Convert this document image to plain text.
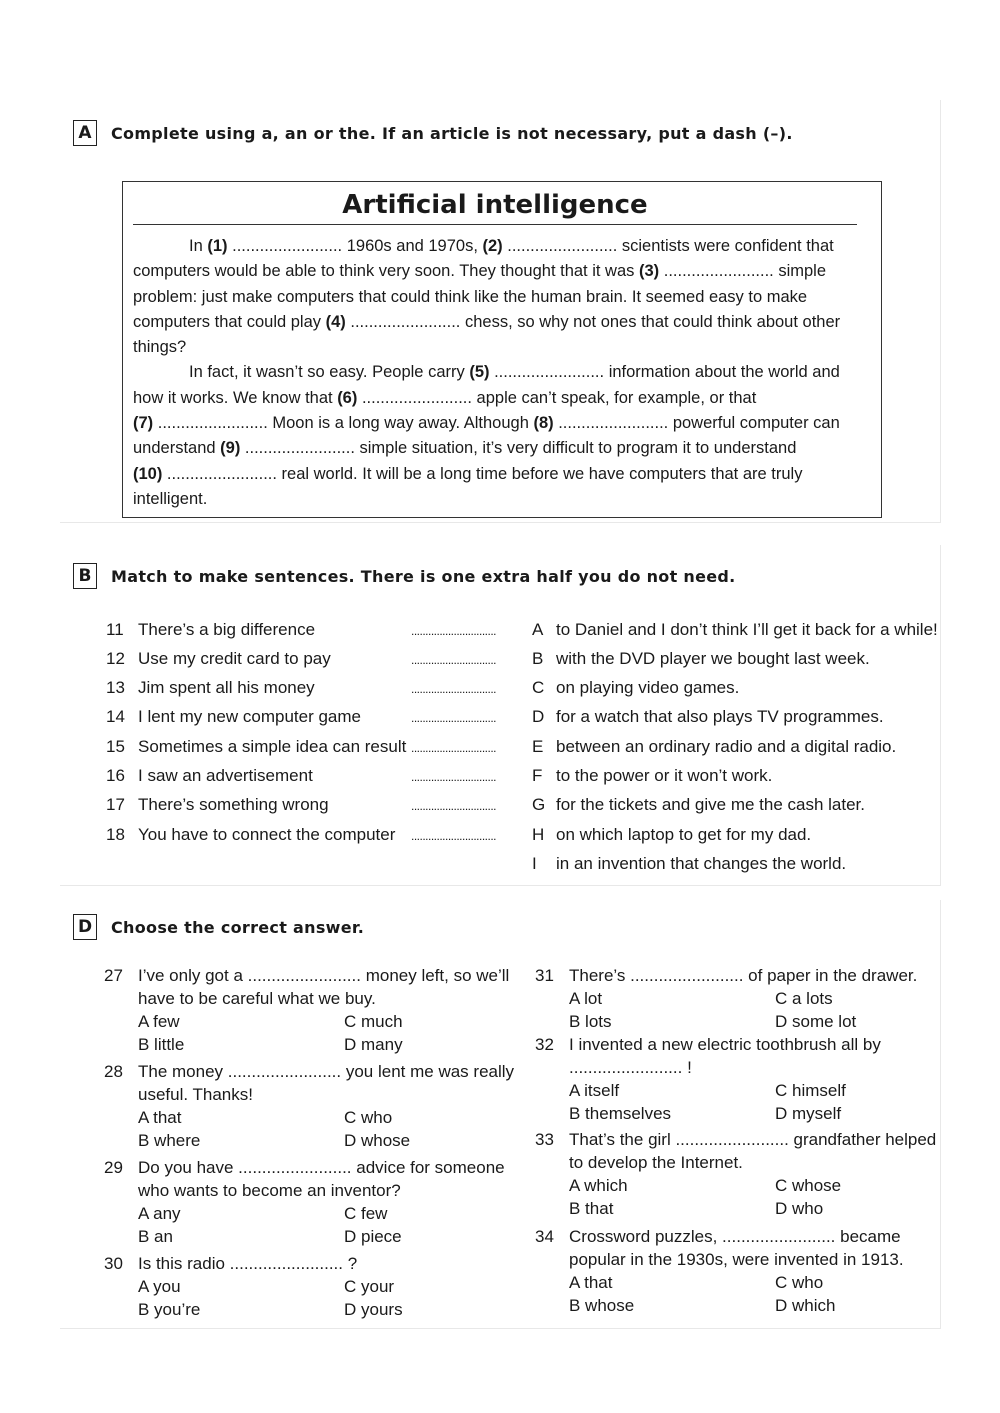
A	Complete using a, an or the. If an article is not necessary, put a dash (–).
Artificial intelligence
In (1) ........................ 1960s and 1970s, (2) ........................ scientists were confident that
computers would be able to think very soon. They thought that it was (3) ........................ simple
problem: just make computers that could think like the human brain. It seemed easy to make
computers that could play (4) ........................ chess, so why not ones that could think about other
things?
In fact, it wasn’t so easy. People carry (5) ........................ information about the world and
how it works. We know that (6) ........................ apple can’t speak, for example, or that
(7) ........................ Moon is a long way away. Although (8) ........................ powerful computer can
understand (9) ........................ simple situation, it’s very difficult to program it to understand
(10) ........................ real world. It will be a long time before we have computers that are truly
intelligent.
B	Match to make sentences. There is one extra half you do not need.
11 There’s a big difference	.............................. A to Daniel and I don’t think I’ll get it back for a while!
12 Use my credit card to pay	.............................. B with the DVD player we bought last week.
13 Jim spent all his money	.............................. C on playing video games.
14 I lent my new computer game	.............................. D for a watch that also plays TV programmes.
15 Sometimes a simple idea can result .............................. E between an ordinary radio and a digital radio.
16 I saw an advertisement	.............................. F to the power or it won’t work.
17 There’s something wrong	.............................. G for the tickets and give me the cash later.
18 You have to connect the computer .............................. H on which laptop to get for my dad.
I in an invention that changes the world.
D	Choose the correct answer.
27 I’ve only got a ........................ money left, so we’ll
have to be careful what we buy.
A few	C much
B little	D many
28 The money ........................ you lent me was really
useful. Thanks!
A that	C who
B where	D whose
29 Do you have ........................ advice for someone
who wants to become an inventor?
A any	C few
B an	D piece
30 Is this radio ........................ ?
A you	C your
B you’re	D yours
31 There’s ........................ of paper in the drawer.
A lot	C a lots
B lots	D some lot
32 I invented a new electric toothbrush all by
........................ !
A itself	C himself
B themselves	D myself
33 That’s the girl ........................ grandfather helped
to develop the Internet.
A which	C whose
B that	D who
34 Crossword puzzles, ........................ became
popular in the 1930s, were invented in 1913.
A that	C who
B whose	D which
